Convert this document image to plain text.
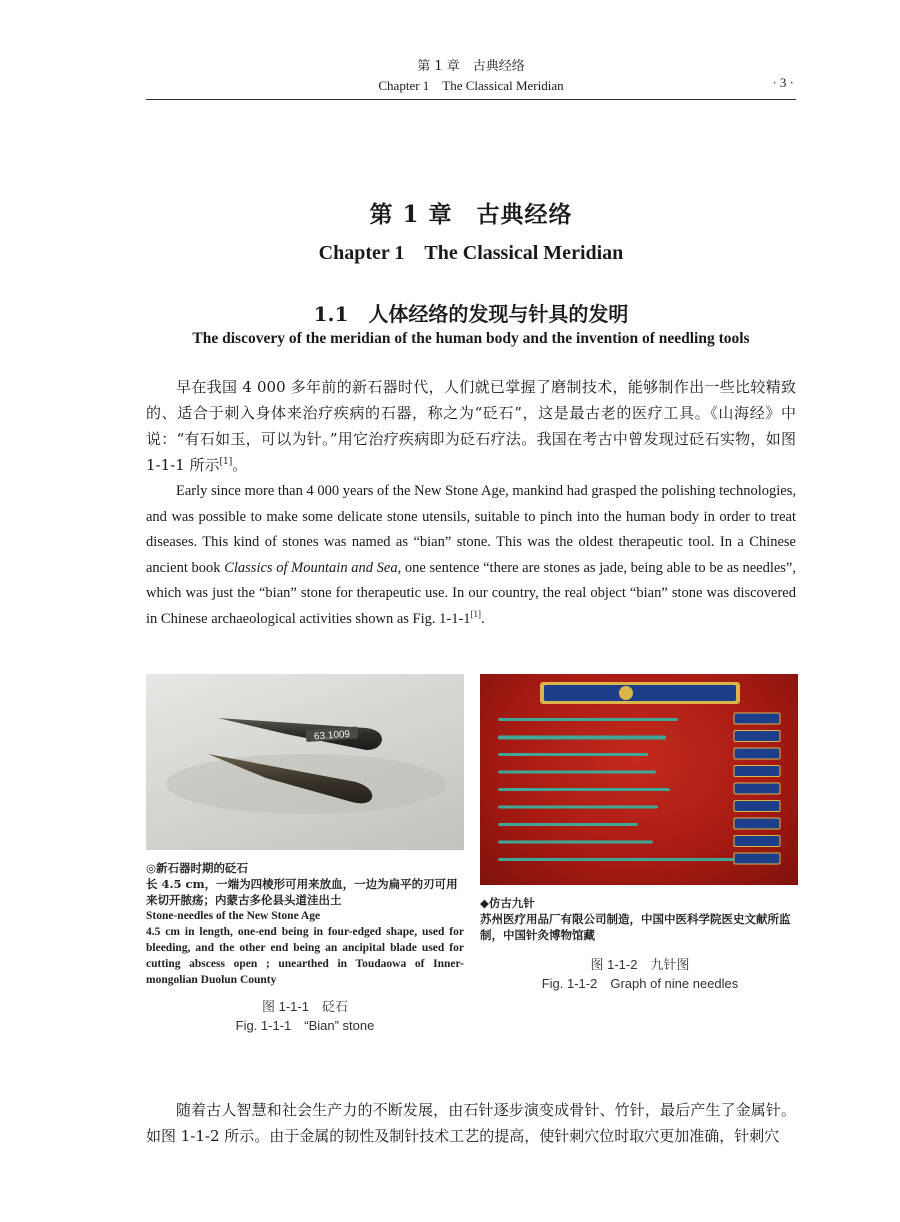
第 1 章　古典经络
Chapter 1　The Classical Meridian	· 3 ·
第 1 章　古典经络
Chapter 1　The Classical Meridian
1.1　人体经络的发现与针具的发明
The discovery of the meridian of the human body and the invention of needling tools

早在我国 4 000 多年前的新石器时代，人们就已掌握了磨制技术，能够制作出一些比较精致的、适合于刺入身体来治疗疾病的石器，称之为“砭石”，这是最古老的医疗工具。《山海经》中说：“有石如玉，可以为针。”用它治疗疾病即为砭石疗法。我国在考古中曾发现过砭石实物，如图 1-1-1 所示[1]。

Early since more than 4 000 years of the New Stone Age, mankind had grasped the polishing technologies, and was possible to make some delicate stone utensils, suitable to pinch into the human body in order to treat diseases. This kind of stones was named as “bian” stone. This was the oldest therapeutic tool. In a Chinese ancient book Classics of Mountain and Sea, one sentence “there are stones as jade, being able to be as needles”, which was just the “bian” stone for therapeutic use. In our country, the real object “bian” stone was discovered in Chinese archaeological activities shown as Fig. 1-1-1[1].

63.1009
◎新石器时期的砭石
长 4.5 cm，一端为四棱形可用来放血，一边为扁平的刃可用来切开脓疡；内蒙古多伦县头道洼出土
Stone-needles of the New Stone Age
4.5 cm in length, one-end being in four-edged shape, used for bleeding, and the other end being an ancipital blade used for cutting abscess open ; unearthed in Toudaowa of Inner-mongolian Duolun County
◆仿古九针
苏州医疗用品厂有限公司制造，中国中医科学院医史文献所监制，中国针灸博物馆藏
图 1-1-2　九针图
Fig. 1-1-2　Graph of nine needles
图 1-1-1　砭石
Fig. 1-1-1　“Bian” stone

随着古人智慧和社会生产力的不断发展，由石针逐步演变成骨针、竹针，最后产生了金属针。如图 1-1-2 所示。由于金属的韧性及制针技术工艺的提高，使针刺穴位时取穴更加准确，针刺穴
